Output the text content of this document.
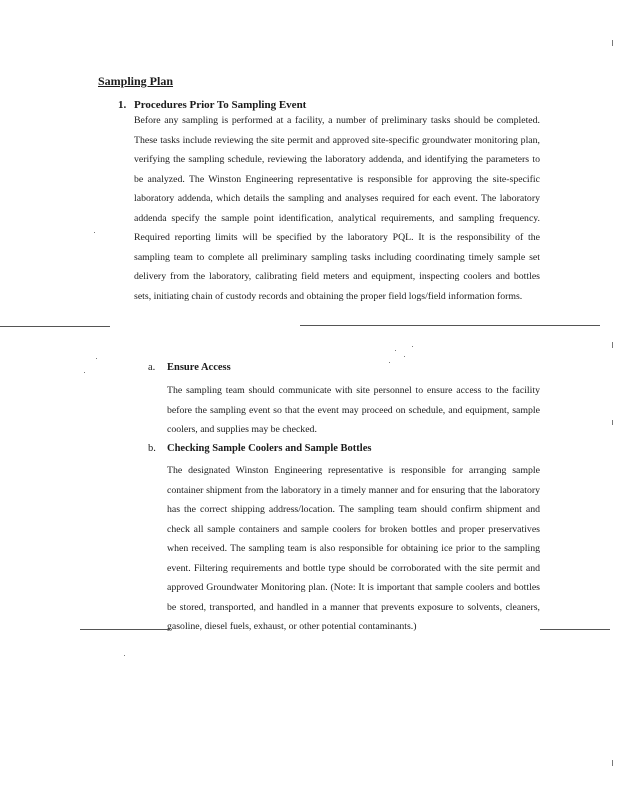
Sampling Plan
1. Procedures Prior To Sampling Event
Before any sampling is performed at a facility, a number of preliminary tasks should be completed. These tasks include reviewing the site permit and approved site-specific groundwater monitoring plan, verifying the sampling schedule, reviewing the laboratory addenda, and identifying the parameters to be analyzed. The Winston Engineering representative is responsible for approving the site-specific laboratory addenda, which details the sampling and analyses required for each event. The laboratory addenda specify the sample point identification, analytical requirements, and sampling frequency. Required reporting limits will be specified by the laboratory PQL. It is the responsibility of the sampling team to complete all preliminary sampling tasks including coordinating timely sample set delivery from the laboratory, calibrating field meters and equipment, inspecting coolers and bottles sets, initiating chain of custody records and obtaining the proper field logs/field information forms.
a. Ensure Access
The sampling team should communicate with site personnel to ensure access to the facility before the sampling event so that the event may proceed on schedule, and equipment, sample coolers, and supplies may be checked.
b. Checking Sample Coolers and Sample Bottles
The designated Winston Engineering representative is responsible for arranging sample container shipment from the laboratory in a timely manner and for ensuring that the laboratory has the correct shipping address/location. The sampling team should confirm shipment and check all sample containers and sample coolers for broken bottles and proper preservatives when received. The sampling team is also responsible for obtaining ice prior to the sampling event. Filtering requirements and bottle type should be corroborated with the site permit and approved Groundwater Monitoring plan. (Note: It is important that sample coolers and bottles be stored, transported, and handled in a manner that prevents exposure to solvents, cleaners, gasoline, diesel fuels, exhaust, or other potential contaminants.)
